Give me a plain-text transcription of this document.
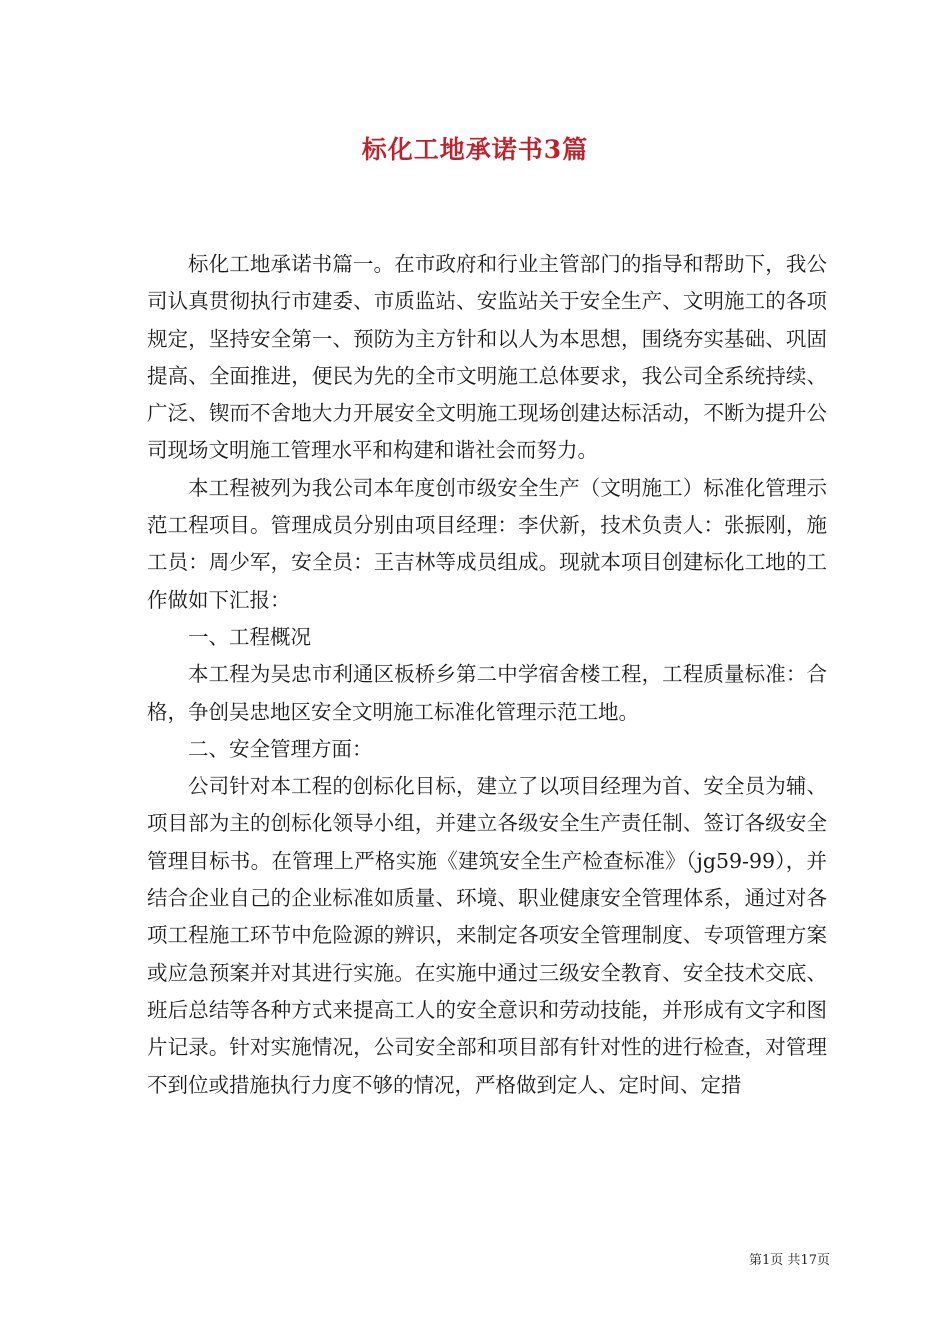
标化工地承诺书3篇

标化工地承诺书篇一。在市政府和行业主管部门的指导和帮助下，我公司认真贯彻执行市建委、市质监站、安监站关于安全生产、文明施工的各项规定，坚持安全第一、预防为主方针和以人为本思想，围绕夯实基础、巩固提高、全面推进，便民为先的全市文明施工总体要求，我公司全系统持续、广泛、锲而不舍地大力开展安全文明施工现场创建达标活动，不断为提升公司现场文明施工管理水平和构建和谐社会而努力。

本工程被列为我公司本年度创市级安全生产（文明施工）标准化管理示范工程项目。管理成员分别由项目经理：李伏新，技术负责人：张振刚，施工员：周少军，安全员：王吉林等成员组成。现就本项目创建标化工地的工作做如下汇报：

一、工程概况

本工程为吴忠市利通区板桥乡第二中学宿舍楼工程，工程质量标准：合格，争创吴忠地区安全文明施工标准化管理示范工地。

二、安全管理方面：

公司针对本工程的创标化目标，建立了以项目经理为首、安全员为辅、项目部为主的创标化领导小组，并建立各级安全生产责任制、签订各级安全管理目标书。在管理上严格实施《建筑安全生产检查标准》（jg59-99），并结合企业自己的企业标准如质量、环境、职业健康安全管理体系，通过对各项工程施工环节中危险源的辨识，来制定各项安全管理制度、专项管理方案或应急预案并对其进行实施。在实施中通过三级安全教育、安全技术交底、班后总结等各种方式来提高工人的安全意识和劳动技能，并形成有文字和图片记录。针对实施情况，公司安全部和项目部有针对性的进行检查，对管理不到位或措施执行力度不够的情况，严格做到定人、定时间、定措

第1页 共17页
